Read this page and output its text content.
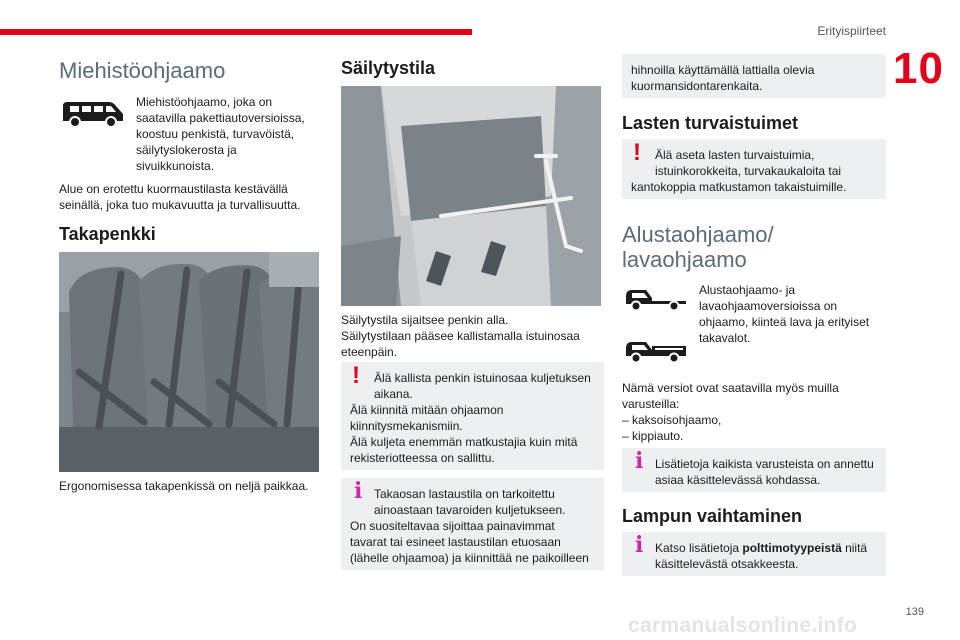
Erityispiirteet
10
Miehistöohjaamo
Miehistöohjaamo, joka on
saatavilla pakettiautoversioissa,
koostuu penkistä, turvavöistä,
säilytyslokerosta ja
sivuikkunoista.
Alue on erotettu kuormaustilasta kestävällä
seinällä, joka tuo mukavuutta ja turvallisuutta.
Takapenkki
Ergonomisessa takapenkissä on neljä paikkaa.
Säilytystila
Säilytystila sijaitsee penkin alla.
Säilytystilaan pääsee kallistamalla istuinosaa
eteenpäin.
!	Älä kallista penkin istuinosaa kuljetuksen
aikana.
Älä kiinnitä mitään ohjaamon
kiinnitysmekanismiin.
Älä kuljeta enemmän matkustajia kuin mitä
rekisteriotteessa on sallittu.
i Takaosan lastaustila on tarkoitettu
ainoastaan tavaroiden kuljetukseen.
On suositeltavaa sijoittaa painavimmat
tavarat tai esineet lastaustilan etuosaan
(lähelle ohjaamoa) ja kiinnittää ne paikoilleen
hihnoilla käyttämällä lattialla olevia
kuormansidontarenkaita.
Lasten turvaistuimet
!	Älä aseta lasten turvaistuimia,
istuinkorokkeita, turvakaukaloita tai
kantokoppia matkustamon takaistuimille.
Alustaohjaamo/
lavaohjaamo
Alustaohjaamo- ja
lavaohjaamoversioissa on
ohjaamo, kiinteä lava ja erityiset
takavalot.
Nämä versiot ovat saatavilla myös muilla
varusteilla:
– kaksoisohjaamo,
– kippiauto.
i Lisätietoja kaikista varusteista on annettu
asiaa käsittelevässä kohdassa.
Lampun vaihtaminen
i Katso lisätietoja polttimotyypeistä niitä
käsittelevästä otsakkeesta.
139
carmanualsonline.info
